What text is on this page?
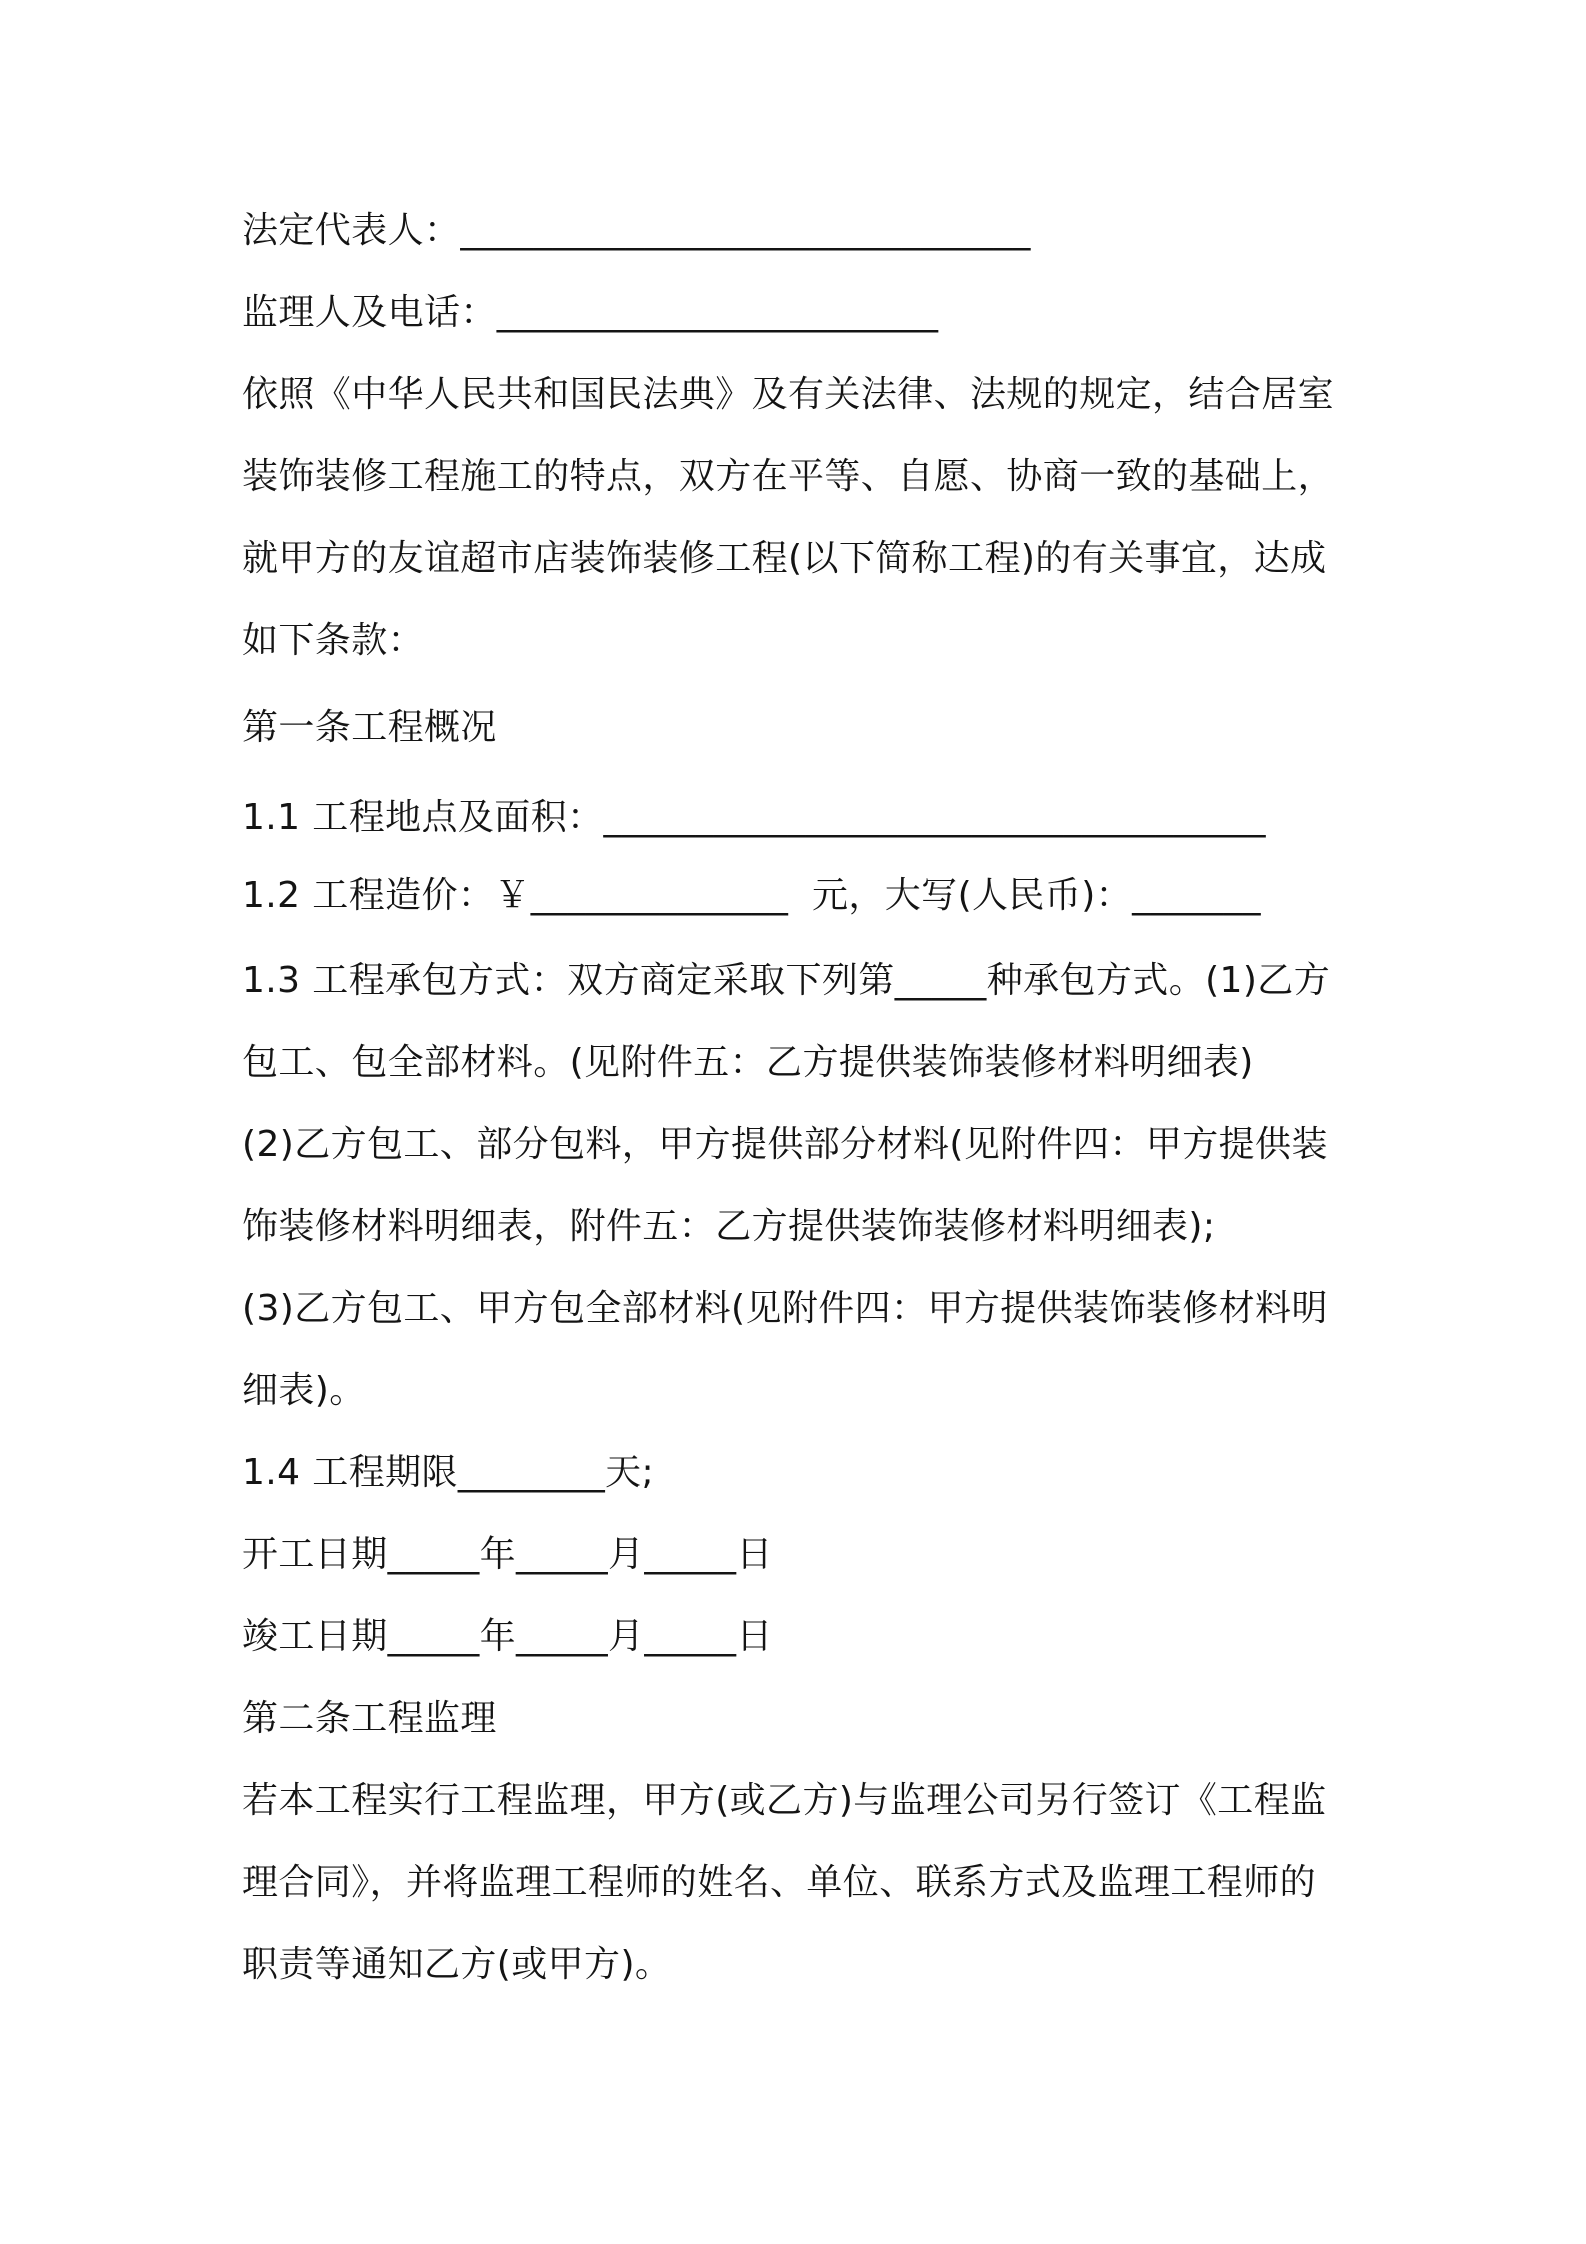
法定代表人：_______________________________
监理人及电话：________________________
依照《中华人民共和国民法典》及有关法律、法规的规定，结合居室
装饰装修工程施工的特点，双方在平等、自愿、协商一致的基础上，
就甲方的友谊超市店装饰装修工程(以下简称工程)的有关事宜，达成
如下条款：
第一条工程概况
1.1 工程地点及面积：____________________________________
1.2 工程造价：￥______________  元，大写(人民币)：_______
1.3 工程承包方式：双方商定采取下列第_____种承包方式。(1)乙方
包工、包全部材料。(见附件五：乙方提供装饰装修材料明细表)
(2)乙方包工、部分包料，甲方提供部分材料(见附件四：甲方提供装
饰装修材料明细表，附件五：乙方提供装饰装修材料明细表);
(3)乙方包工、甲方包全部材料(见附件四：甲方提供装饰装修材料明
细表)。
1.4 工程期限________天;
开工日期_____年_____月_____日
竣工日期_____年_____月_____日
第二条工程监理
若本工程实行工程监理，甲方(或乙方)与监理公司另行签订《工程监
理合同》，并将监理工程师的姓名、单位、联系方式及监理工程师的
职责等通知乙方(或甲方)。
